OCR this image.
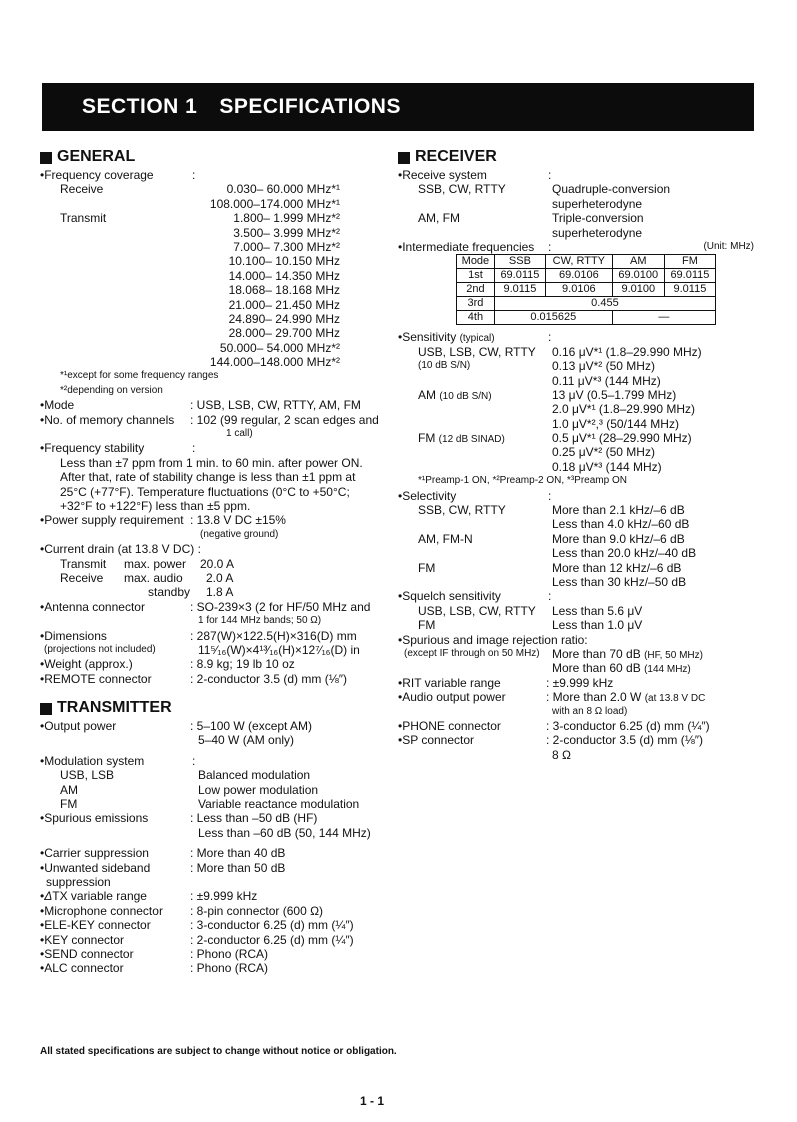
SECTION 1 SPECIFICATIONS
GENERAL
• Frequency coverage	:
Receive	0.030– 60.000 MHz*¹
108.000–174.000 MHz*¹
Transmit	1.800– 1.999 MHz*²
3.500– 3.999 MHz*²
7.000– 7.300 MHz*²
10.100– 10.150 MHz
14.000– 14.350 MHz
18.068– 18.168 MHz
21.000– 21.450 MHz
24.890– 24.990 MHz
28.000– 29.700 MHz
50.000– 54.000 MHz*²
144.000–148.000 MHz*²
*¹except for some frequency ranges
*²depending on version
• Mode	: USB, LSB, CW, RTTY, AM, FM
• No. of memory channels : 102 (99 regular, 2 scan edges and
1 call)
• Frequency stability	:
Less than ±7 ppm from 1 min. to 60 min. after power ON.
After that, rate of stability change is less than ±1 ppm at
25°C (+77°F). Temperature fluctuations (0°C to +50°C;
+32°F to +122°F) less than ±5 ppm.
• Power supply requirement : 13.8 V DC ±15%
(negative ground)
• Current drain (at 13.8 V DC) :
Transmit max. power 20.0 A
Receive max. audio 2.0 A
standby 1.8 A
• Antenna connector	: SO-239×3 (2 for HF/50 MHz and
1 for 144 MHz bands; 50 Ω)
• Dimensions	: 287(W)×122.5(H)×316(D) mm
(projections not included)	11⁵⁄₁₆(W)×4¹³⁄₁₆(H)×12⁷⁄₁₆(D) in
• Weight (approx.)	: 8.9 kg; 19 lb 10 oz
• REMOTE connector	: 2-conductor 3.5 (d) mm (⅛″)
TRANSMITTER
• Output power	: 5–100 W (except AM)
5–40 W (AM only)
• Modulation system	:
USB, LSB	Balanced modulation
AM	Low power modulation
FM	Variable reactance modulation
• Spurious emissions	: Less than –50 dB (HF)
Less than –60 dB (50, 144 MHz)
• Carrier suppression	: More than 40 dB
• Unwanted sideband	: More than 50 dB
suppression
• ΔTX variable range	: ±9.999 kHz
• Microphone connector : 8-pin connector (600 Ω)
• ELE-KEY connector	: 3-conductor 6.25 (d) mm (¼″)
• KEY connector	: 2-conductor 6.25 (d) mm (¼″)
• SEND connector	: Phono (RCA)
• ALC connector	: Phono (RCA)
RECEIVER
• Receive system	:
SSB, CW, RTTY	Quadruple-conversion
superheterodyne
AM, FM	Triple-conversion
superheterodyne
• Intermediate frequencies :	(Unit: MHz)
Mode	SSB	CW, RTTY	AM	FM
1st	69.0115	69.0106	69.0100	69.0115
2nd	9.0115	9.0106	9.0100	9.0115
3rd	0.455			
4th	0.015625		—	
• Sensitivity (typical)	:
USB, LSB, CW, RTTY 0.16 μV*¹ (1.8–29.990 MHz)
(10 dB S/N)	0.13 μV*² (50 MHz)
0.11 μV*³ (144 MHz)
AM (10 dB S/N)	13 μV (0.5–1.799 MHz)
2.0 μV*¹ (1.8–29.990 MHz)
1.0 μV*²,³ (50/144 MHz)
FM (12 dB SINAD)	0.5 μV*¹ (28–29.990 MHz)
0.25 μV*² (50 MHz)
0.18 μV*³ (144 MHz)
*¹Preamp-1 ON, *²Preamp-2 ON, *³Preamp ON
• Selectivity	:
SSB, CW, RTTY	More than 2.1 kHz/–6 dB
Less than 4.0 kHz/–60 dB
AM, FM-N	More than 9.0 kHz/–6 dB
Less than 20.0 kHz/–40 dB
FM	More than 12 kHz/–6 dB
Less than 30 kHz/–50 dB
• Squelch sensitivity	:
USB, LSB, CW, RTTY Less than 5.6 μV
FM	Less than 1.0 μV
• Spurious and image rejection ratio:
(except IF through on 50 MHz) More than 70 dB (HF, 50 MHz)
More than 60 dB (144 MHz)
• RIT variable range	: ±9.999 kHz
• Audio output power	: More than 2.0 W (at 13.8 V DC
with an 8 Ω load)
• PHONE connector	: 3-conductor 6.25 (d) mm (¼″)
• SP connector	: 2-conductor 3.5 (d) mm (⅛″)
8 Ω
All stated specifications are subject to change without notice or obligation.
1 - 1
